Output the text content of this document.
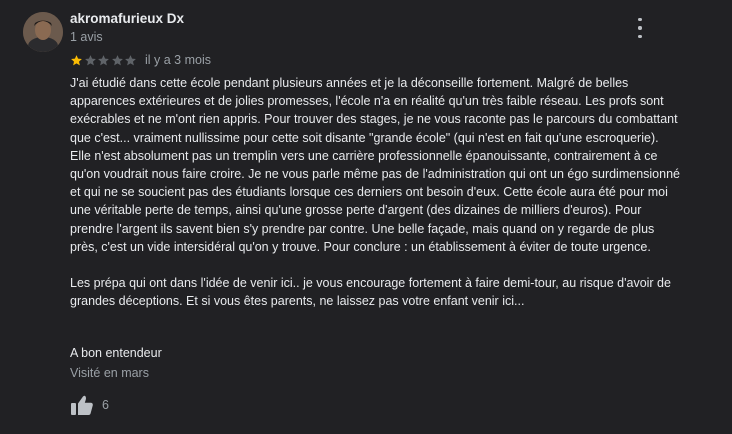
akromafurieux Dx
1 avis
il y a 3 mois

J'ai étudié dans cette école pendant plusieurs années et je la déconseille fortement. Malgré de belles apparences extérieures et de jolies promesses, l'école n'a en réalité qu'un très faible réseau. Les profs sont exécrables et ne m'ont rien appris. Pour trouver des stages, je ne vous raconte pas le parcours du combattant que c'est... vraiment nullissime pour cette soit disante "grande école" (qui n'est en fait qu'une escroquerie). Elle n'est absolument pas un tremplin vers une carrière professionnelle épanouissante, contrairement à ce qu'on voudrait nous faire croire. Je ne vous parle même pas de l'administration qui ont un égo surdimensionné et qui ne se soucient pas des étudiants lorsque ces derniers ont besoin d'eux. Cette école aura été pour moi une véritable perte de temps, ainsi qu'une grosse perte d'argent (des dizaines de milliers d'euros). Pour prendre l'argent ils savent bien s'y prendre par contre. Une belle façade, mais quand on y regarde de plus près, c'est un vide intersidéral qu'on y trouve. Pour conclure : un établissement à éviter de toute urgence.

Les prépa qui ont dans l'idée de venir ici.. je vous encourage fortement à faire demi-tour, au risque d'avoir de grandes déceptions. Et si vous êtes parents, ne laissez pas votre enfant venir ici...

A bon entendeur
Visité en mars
6
